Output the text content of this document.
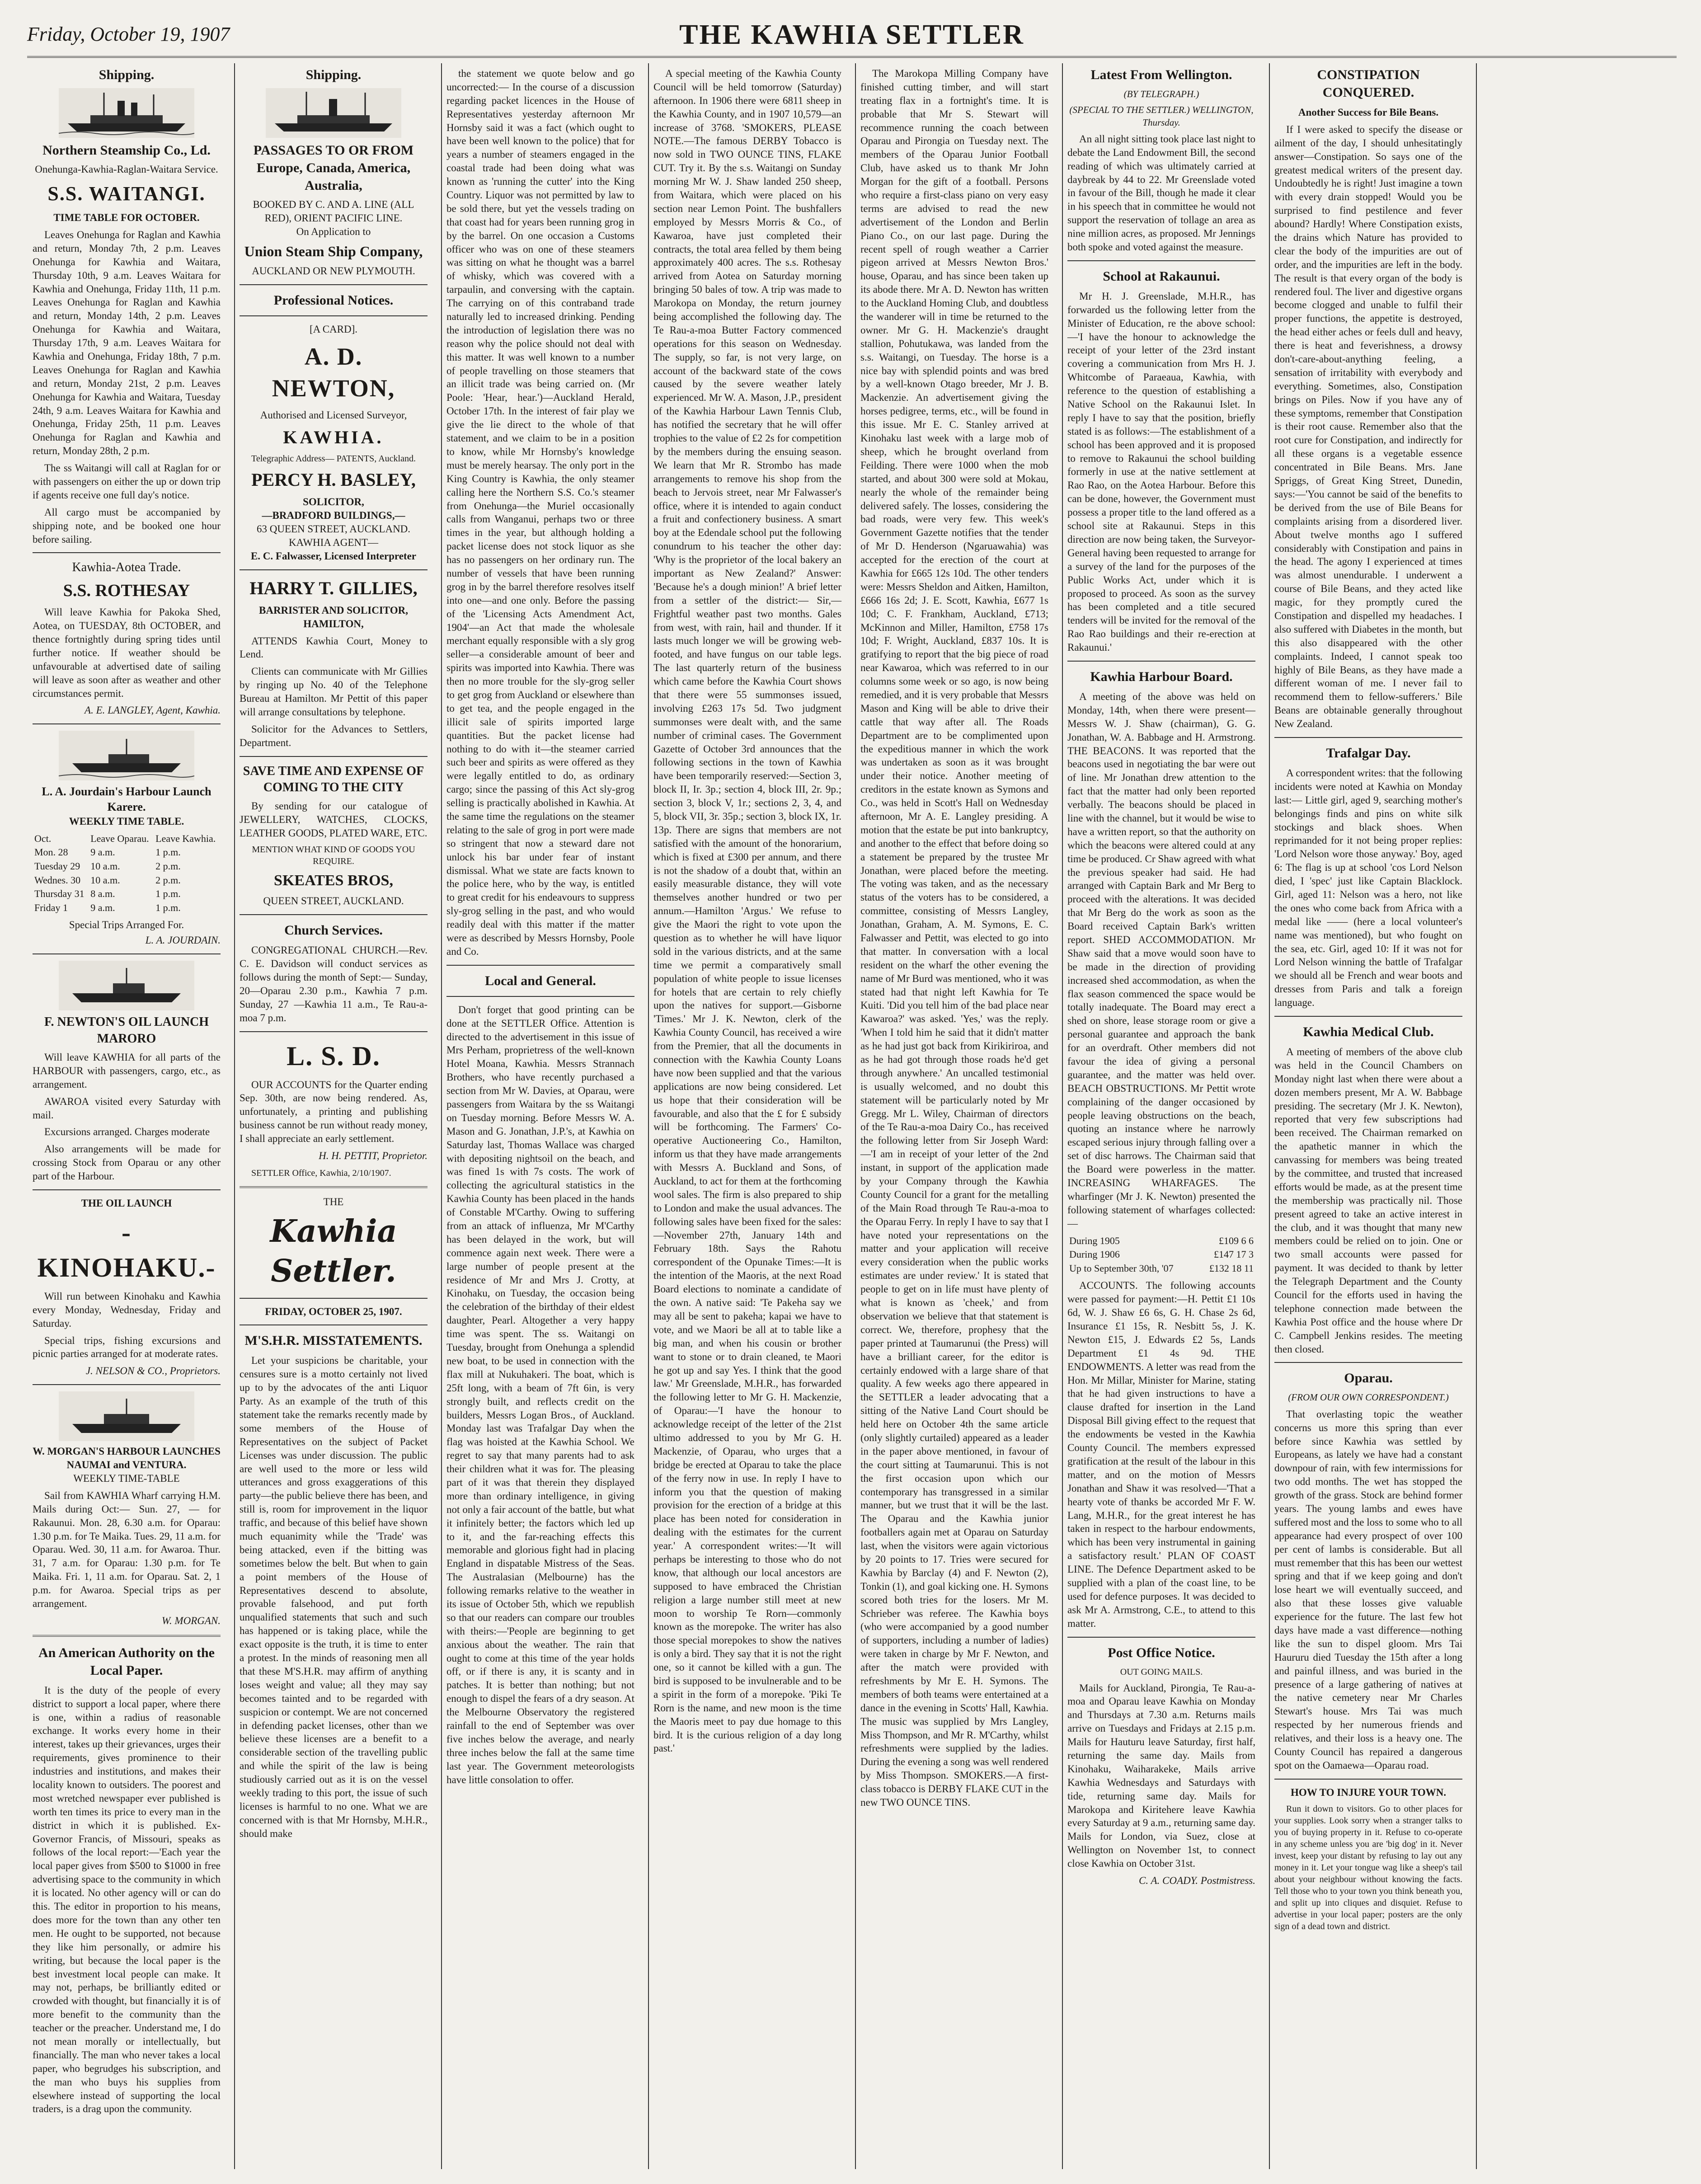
Friday, October 19, 1907	THE KAWHIA SETTLER
Shipping.
Northern Steamship Co., Ld.
Onehunga-Kawhia-Raglan-Waitara Service.
S.S. WAITANGI.
TIME TABLE FOR OCTOBER.
Leaves Onehunga for Raglan and Kawhia and return, Monday 7th, 2 p.m. Leaves Onehunga for Kawhia and Waitara, Thursday 10th, 9 a.m. Leaves Waitara for Kawhia and Onehunga, Friday 11th, 11 p.m. Leaves Onehunga for Raglan and Kawhia and return, Monday 14th, 2 p.m. Leaves Onehunga for Kawhia and Waitara, Thursday 17th, 9 a.m. Leaves Waitara for Kawhia and Onehunga, Friday 18th, 7 p.m. Leaves Onehunga for Raglan and Kawhia and return, Monday 21st, 2 p.m. Leaves Onehunga for Kawhia and Waitara, Tuesday 24th, 9 a.m. Leaves Waitara for Kawhia and Onehunga, Friday 25th, 11 p.m. Leaves Onehunga for Raglan and Kawhia and return, Monday 28th, 2 p.m.
The ss Waitangi will call at Raglan for or with passengers on either the up or down trip if agents receive one full day's notice.
All cargo must be accompanied by shipping note, and be booked one hour before sailing.
Kawhia-Aotea Trade.
S.S. ROTHESAY
Will leave Kawhia for Pakoka Shed, Aotea, on TUESDAY, 8th OCTOBER, and thence fortnightly during spring tides until further notice. If weather should be unfavourable at advertised date of sailing will leave as soon after as weather and other circumstances permit.
A. E. LANGLEY, Agent, Kawhia.
L. A. Jourdain's Harbour Launch Karere.
WEEKLY TIME TABLE.
Oct.	Leave Oparau.	Leave Kawhia.
Mon. 28	9 a.m.	1 p.m.
Tuesday 29	10 a.m.	2 p.m.
Wednes. 30	10 a.m.	2 p.m.
Thursday 31	8 a.m.	1 p.m.
Friday 1	9 a.m.	1 p.m.
Special Trips Arranged For.
L. A. JOURDAIN.
F. NEWTON'S OIL LAUNCH MARORO
Will leave KAWHIA for all parts of the HARBOUR with passengers, cargo, etc., as arrangement.
AWAROA visited every Saturday with mail.
Excursions arranged. Charges moderate
Also arrangements will be made for crossing Stock from Oparau or any other part of the Harbour.
THE OIL LAUNCH
-KINOHAKU.-
Will run between Kinohaku and Kawhia every Monday, Wednesday, Friday and Saturday.
Special trips, fishing excursions and picnic parties arranged for at moderate rates.
J. NELSON & CO., Proprietors.
W. MORGAN'S HARBOUR LAUNCHES NAUMAI and VENTURA.
WEEKLY TIME-TABLE
Sail from KAWHIA Wharf carrying H.M. Mails during Oct:— Sun. 27, — for Rakaunui. Mon. 28, 6.30 a.m. for Oparau: 1.30 p.m. for Te Maika. Tues. 29, 11 a.m. for Oparau. Wed. 30, 11 a.m. for Awaroa. Thur. 31, 7 a.m. for Oparau: 1.30 p.m. for Te Maika. Fri. 1, 11 a.m. for Oparau. Sat. 2, 1 p.m. for Awaroa. Special trips as per arrangement.
W. MORGAN.
An American Authority on the Local Paper.
It is the duty of the people of every district to support a local paper, where there is one, within a radius of reasonable exchange. It works every home in their interest, takes up their grievances, urges their requirements, gives prominence to their industries and institutions, and makes their locality known to outsiders. The poorest and most wretched newspaper ever published is worth ten times its price to every man in the district in which it is published. Ex-Governor Francis, of Missouri, speaks as follows of the local report:—'Each year the local paper gives from $500 to $1000 in free advertising space to the community in which it is located. No other agency will or can do this. The editor in proportion to his means, does more for the town than any other ten men. He ought to be supported, not because they like him personally, or admire his writing, but because the local paper is the best investment local people can make. It may not, perhaps, be brilliantly edited or crowded with thought, but financially it is of more benefit to the community than the teacher or the preacher. Understand me, I do not mean morally or intellectually, but financially. The man who never takes a local paper, who begrudges his subscription, and the man who buys his supplies from elsewhere instead of supporting the local traders, is a drag upon the community.
Shipping.
PASSAGES TO OR FROM Europe, Canada, America, Australia,
BOOKED BY C. AND A. LINE (ALL RED), ORIENT PACIFIC LINE.
On Application to
Union Steam Ship Company,
AUCKLAND OR NEW PLYMOUTH.
Professional Notices.
[A CARD].
A. D. NEWTON,
Authorised and Licensed Surveyor,
KAWHIA.
Telegraphic Address— PATENTS, Auckland.
PERCY H. BASLEY,
SOLICITOR,
—BRADFORD BUILDINGS,—
63 QUEEN STREET, AUCKLAND.
KAWHIA AGENT—
E. C. Falwasser, Licensed Interpreter
HARRY T. GILLIES,
BARRISTER AND SOLICITOR,
HAMILTON,
ATTENDS Kawhia Court, Money to Lend.
Clients can communicate with Mr Gillies by ringing up No. 40 of the Telephone Bureau at Hamilton. Mr Pettit of this paper will arrange consultations by telephone.
Solicitor for the Advances to Settlers, Department.
SAVE TIME AND EXPENSE OF COMING TO THE CITY
By sending for our catalogue of JEWELLERY, WATCHES, CLOCKS, LEATHER GOODS, PLATED WARE, ETC.
MENTION WHAT KIND OF GOODS YOU REQUIRE.
SKEATES BROS,
QUEEN STREET, AUCKLAND.
Church Services.
CONGREGATIONAL CHURCH.—Rev. C. E. Davidson will conduct services as follows during the month of Sept:— Sunday, 20—Oparau 2.30 p.m., Kawhia 7 p.m. Sunday, 27 —Kawhia 11 a.m., Te Rau-a-moa 7 p.m.
L. S. D.
OUR ACCOUNTS for the Quarter ending Sep. 30th, are now being rendered. As, unfortunately, a printing and publishing business cannot be run without ready money, I shall appreciate an early settlement.
H. H. PETTIT, Proprietor.
SETTLER Office, Kawhia, 2/10/1907.
THE
Kawhia Settler.
FRIDAY, OCTOBER 25, 1907.
M'S.H.R. MISSTATEMENTS.
Let your suspicions be charitable, your censures sure is a motto certainly not lived up to by the advocates of the anti Liquor Party. As an example of the truth of this statement take the remarks recently made by some members of the House of Representatives on the subject of Packet Licenses was under discussion. The public are well used to the more or less wild utterances and gross exaggerations of this party—the public believe there has been, and still is, room for improvement in the liquor traffic, and because of this belief have shown much equanimity while the 'Trade' was being attacked, even if the bitting was sometimes below the belt. But when to gain a point members of the House of Representatives descend to absolute, provable falsehood, and put forth unqualified statements that such and such has happened or is taking place, while the exact opposite is the truth, it is time to enter a protest. In the minds of reasoning men all that these M'S.H.R. may affirm of anything loses weight and value; all they may say becomes tainted and to be regarded with suspicion or contempt. We are not concerned in defending packet licenses, other than we believe these licenses are a benefit to a considerable section of the travelling public and while the spirit of the law is being studiously carried out as it is on the vessel weekly trading to this port, the issue of such licenses is harmful to no one. What we are concerned with is that Mr Hornsby, M.H.R., should make
the statement we quote below and go uncorrected:— In the course of a discussion regarding packet licences in the House of Representatives yesterday afternoon Mr Hornsby said it was a fact (which ought to have been well known to the police) that for years a number of steamers engaged in the coastal trade had been doing what was known as 'running the cutter' into the King Country. Liquor was not permitted by law to be sold there, but yet the vessels trading on that coast had for years been running grog in by the barrel. On one occasion a Customs officer who was on one of these steamers was sitting on what he thought was a barrel of whisky, which was covered with a tarpaulin, and conversing with the captain. The carrying on of this contraband trade naturally led to increased drinking. Pending the introduction of legislation there was no reason why the police should not deal with this matter. It was well known to a number of people travelling on those steamers that an illicit trade was being carried on. (Mr Poole: 'Hear, hear.')—Auckland Herald, October 17th. In the interest of fair play we give the lie direct to the whole of that statement, and we claim to be in a position to know, while Mr Hornsby's knowledge must be merely hearsay. The only port in the King Country is Kawhia, the only steamer calling here the Northern S.S. Co.'s steamer from Onehunga—the Muriel occasionally calls from Wanganui, perhaps two or three times in the year, but although holding a packet license does not stock liquor as she has no passengers on her ordinary run. The number of vessels that have been running grog in by the barrel therefore resolves itself into one—and one only. Before the passing of the 'Licensing Acts Amendment Act, 1904'—an Act that made the wholesale merchant equally responsible with a sly grog seller—a considerable amount of beer and spirits was imported into Kawhia. There was then no more trouble for the sly-grog seller to get grog from Auckland or elsewhere than to get tea, and the people engaged in the illicit sale of spirits imported large quantities. But the packet license had nothing to do with it—the steamer carried such beer and spirits as were offered as they were legally entitled to do, as ordinary cargo; since the passing of this Act sly-grog selling is practically abolished in Kawhia. At the same time the regulations on the steamer relating to the sale of grog in port were made so stringent that now a steward dare not unlock his bar under fear of instant dismissal. What we state are facts known to the police here, who by the way, is entitled to great credit for his endeavours to suppress sly-grog selling in the past, and who would readily deal with this matter if the matter were as described by Messrs Hornsby, Poole and Co.
Local and General.
Don't forget that good printing can be done at the SETTLER Office. Attention is directed to the advertisement in this issue of Mrs Perham, proprietress of the well-known Hotel Moana, Kawhia. Messrs Strannach Brothers, who have recently purchased a section from Mr W. Davies, at Oparau, were passengers from Waitara by the ss Waitangi on Tuesday morning. Before Messrs W. A. Mason and G. Jonathan, J.P.'s, at Kawhia on Saturday last, Thomas Wallace was charged with depositing nightsoil on the beach, and was fined 1s with 7s costs. The work of collecting the agricultural statistics in the Kawhia County has been placed in the hands of Constable M'Carthy. Owing to suffering from an attack of influenza, Mr M'Carthy has been delayed in the work, but will commence again next week. There were a large number of people present at the residence of Mr and Mrs J. Crotty, at Kinohaku, on Tuesday, the occasion being the celebration of the birthday of their eldest daughter, Pearl. Altogether a very happy time was spent. The ss. Waitangi on Tuesday, brought from Onehunga a splendid new boat, to be used in connection with the flax mill at Nukuhakeri. The boat, which is 25ft long, with a beam of 7ft 6in, is very strongly built, and reflects credit on the builders, Messrs Logan Bros., of Auckland. Monday last was Trafalgar Day when the flag was hoisted at the Kawhia School. We regret to say that many parents had to ask their children what it was for. The pleasing part of it was that therein they displayed more than ordinary intelligence, in giving not only a fair account of the battle, but what it infinitely better; the factors which led up to it, and the far-reaching effects this memorable and glorious fight had in placing England in dispatable Mistress of the Seas. The Australasian (Melbourne) has the following remarks relative to the weather in its issue of October 5th, which we republish so that our readers can compare our troubles with theirs:—'People are beginning to get anxious about the weather. The rain that ought to come at this time of the year holds off, or if there is any, it is scanty and in patches. It is better than nothing; but not enough to dispel the fears of a dry season. At the Melbourne Observatory the registered rainfall to the end of September was over five inches below the average, and nearly three inches below the fall at the same time last year. The Government meteorologists have little consolation to offer.
A special meeting of the Kawhia County Council will be held tomorrow (Saturday) afternoon. In 1906 there were 6811 sheep in the Kawhia County, and in 1907 10,579—an increase of 3768. 'SMOKERS, PLEASE NOTE.—The famous DERBY Tobacco is now sold in TWO OUNCE TINS, FLAKE CUT. Try it. By the s.s. Waitangi on Sunday morning Mr W. J. Shaw landed 250 sheep, from Waitara, which were placed on his section near Lemon Point. The bushfallers employed by Messrs Morris & Co., of Kawaroa, have just completed their contracts, the total area felled by them being approximately 400 acres. The s.s. Rothesay arrived from Aotea on Saturday morning bringing 50 bales of tow. A trip was made to Marokopa on Monday, the return journey being accomplished the following day. The Te Rau-a-moa Butter Factory commenced operations for this season on Wednesday. The supply, so far, is not very large, on account of the backward state of the cows caused by the severe weather lately experienced. Mr W. A. Mason, J.P., president of the Kawhia Harbour Lawn Tennis Club, has notified the secretary that he will offer trophies to the value of £2 2s for competition by the members during the ensuing season. We learn that Mr R. Strombo has made arrangements to remove his shop from the beach to Jervois street, near Mr Falwasser's office, where it is intended to again conduct a fruit and confectionery business. A smart boy at the Edendale school put the following conundrum to his teacher the other day: 'Why is the proprietor of the local bakery an important as New Zealand?' Answer: 'Because he's a dough minion!' A brief letter from a settler of the district:— Sir,—Frightful weather past two months. Gales from west, with rain, hail and thunder. If it lasts much longer we will be growing web-footed, and have fungus on our table legs. The last quarterly return of the business which came before the Kawhia Court shows that there were 55 summonses issued, involving £263 17s 5d. Two judgment summonses were dealt with, and the same number of criminal cases. The Government Gazette of October 3rd announces that the following sections in the town of Kawhia have been temporarily reserved:—Section 3, block II, Ir. 3p.; section 4, block III, 2r. 9p.; section 3, block V, 1r.; sections 2, 3, 4, and 5, block VII, 3r. 35p.; section 3, block IX, 1r. 13p. There are signs that members are not satisfied with the amount of the honorarium, which is fixed at £300 per annum, and there is not the shadow of a doubt that, within an easily measurable distance, they will vote themselves another hundred or two per annum.—Hamilton 'Argus.' We refuse to give the Maori the right to vote upon the question as to whether he will have liquor sold in the various districts, and at the same time we permit a comparatively small population of white people to issue licenses for hotels that are certain to rely chiefly upon the natives for support.—Gisborne 'Times.' Mr J. K. Newton, clerk of the Kawhia County Council, has received a wire from the Premier, that all the documents in connection with the Kawhia County Loans have now been supplied and that the various applications are now being considered. Let us hope that their consideration will be favourable, and also that the £ for £ subsidy will be forthcoming. The Farmers' Co-operative Auctioneering Co., Hamilton, inform us that they have made arrangements with Messrs A. Buckland and Sons, of Auckland, to act for them at the forthcoming wool sales. The firm is also prepared to ship to London and make the usual advances. The following sales have been fixed for the sales:—November 27th, January 14th and February 18th. Says the Rahotu correspondent of the Opunake Times:—It is the intention of the Maoris, at the next Road Board elections to nominate a candidate of the own. A native said: 'Te Pakeha say we may all be sent to pakeha; kapai we have to vote, and we Maori be all at to table like a big man, and when his cousin or brother want to stone or to drain cleaned, te Maori he got up and say Yes. I think that the good law.' Mr Greenslade, M.H.R., has forwarded the following letter to Mr G. H. Mackenzie, of Oparau:—'I have the honour to acknowledge receipt of the letter of the 21st ultimo addressed to you by Mr G. H. Mackenzie, of Oparau, who urges that a bridge be erected at Oparau to take the place of the ferry now in use. In reply I have to inform you that the question of making provision for the erection of a bridge at this place has been noted for consideration in dealing with the estimates for the current year.' A correspondent writes:—'It will perhaps be interesting to those who do not know, that although our local ancestors are supposed to have embraced the Christian religion a large number still meet at new moon to worship Te Rorn—commonly known as the morepoke. The writer has also those special morepokes to show the natives is only a bird. They say that it is not the right one, so it cannot be killed with a gun. The bird is supposed to be invulnerable and to be a spirit in the form of a morepoke. 'Piki Te Rorn is the name, and new moon is the time the Maoris meet to pay due homage to this bird. It is the curious religion of a day long past.'
The Marokopa Milling Company have finished cutting timber, and will start treating flax in a fortnight's time. It is probable that Mr S. Stewart will recommence running the coach between Oparau and Pirongia on Tuesday next. The members of the Oparau Junior Football Club, have asked us to thank Mr John Morgan for the gift of a football. Persons who require a first-class piano on very easy terms are advised to read the new advertisement of the London and Berlin Piano Co., on our last page. During the recent spell of rough weather a Carrier pigeon arrived at Messrs Newton Bros.' house, Oparau, and has since been taken up its abode there. Mr A. D. Newton has written to the Auckland Homing Club, and doubtless the wanderer will in time be returned to the owner. Mr G. H. Mackenzie's draught stallion, Pohutukawa, was landed from the s.s. Waitangi, on Tuesday. The horse is a nice bay with splendid points and was bred by a well-known Otago breeder, Mr J. B. Mackenzie. An advertisement giving the horses pedigree, terms, etc., will be found in this issue. Mr E. C. Stanley arrived at Kinohaku last week with a large mob of sheep, which he brought overland from Feilding. There were 1000 when the mob started, and about 300 were sold at Mokau, nearly the whole of the remainder being delivered safely. The losses, considering the bad roads, were very few. This week's Government Gazette notifies that the tender of Mr D. Henderson (Ngaruawahia) was accepted for the erection of the court at Kawhia for £665 12s 10d. The other tenders were: Messrs Sheldon and Aitken, Hamilton, £666 16s 2d; J. E. Scott, Kawhia, £677 1s 10d; C. F. Frankham, Auckland, £713; McKinnon and Miller, Hamilton, £758 17s 10d; F. Wright, Auckland, £837 10s. It is gratifying to report that the big piece of road near Kawaroa, which was referred to in our columns some week or so ago, is now being remedied, and it is very probable that Messrs Mason and King will be able to drive their cattle that way after all. The Roads Department are to be complimented upon the expeditious manner in which the work was undertaken as soon as it was brought under their notice. Another meeting of creditors in the estate known as Symons and Co., was held in Scott's Hall on Wednesday afternoon, Mr A. E. Langley presiding. A motion that the estate be put into bankruptcy, and another to the effect that before doing so a statement be prepared by the trustee Mr Jonathan, were placed before the meeting. The voting was taken, and as the necessary status of the voters has to be considered, a committee, consisting of Messrs Langley, Jonathan, Graham, A. M. Symons, E. C. Falwasser and Pettit, was elected to go into that matter. In conversation with a local resident on the wharf the other evening the name of Mr Burd was mentioned, who it was stated had that night left Kawhia for Te Kuiti. 'Did you tell him of the bad place near Kawaroa?' was asked. 'Yes,' was the reply. 'When I told him he said that it didn't matter as he had just got back from Kirikiriroa, and as he had got through those roads he'd get through anywhere.' An uncalled testimonial is usually welcomed, and no doubt this statement will be particularly noted by Mr Gregg. Mr L. Wiley, Chairman of directors of the Te Rau-a-moa Dairy Co., has received the following letter from Sir Joseph Ward:—'I am in receipt of your letter of the 2nd instant, in support of the application made by your Company through the Kawhia County Council for a grant for the metalling of the Main Road through Te Rau-a-moa to the Oparau Ferry. In reply I have to say that I have noted your representations on the matter and your application will receive every consideration when the public works estimates are under review.' It is stated that people to get on in life must have plenty of what is known as 'cheek,' and from observation we believe that that statement is correct. We, therefore, prophesy that the paper printed at Taumarunui (the Press) will have a brilliant career, for the editor is certainly endowed with a large share of that quality. A few weeks ago there appeared in the SETTLER a leader advocating that a sitting of the Native Land Court should be held here on October 4th the same article (only slightly curtailed) appeared as a leader in the paper above mentioned, in favour of the court sitting at Taumarunui. This is not the first occasion upon which our contemporary has transgressed in a similar manner, but we trust that it will be the last. The Oparau and the Kawhia junior footballers again met at Oparau on Saturday last, when the visitors were again victorious by 20 points to 17. Tries were secured for Kawhia by Barclay (4) and F. Newton (2), Tonkin (1), and goal kicking one. H. Symons scored both tries for the losers. Mr M. Schrieber was referee. The Kawhia boys (who were accompanied by a good number of supporters, including a number of ladies) were taken in charge by Mr F. Newton, and after the match were provided with refreshments by Mr E. H. Symons. The members of both teams were entertained at a dance in the evening in Scotts' Hall, Kawhia. The music was supplied by Mrs Langley, Miss Thompson, and Mr R. M'Carthy, whilst refreshments were supplied by the ladies. During the evening a song was well rendered by Miss Thompson. SMOKERS.—A first-class tobacco is DERBY FLAKE CUT in the new TWO OUNCE TINS.
Latest From Wellington.
(BY TELEGRAPH.)
(SPECIAL TO THE SETTLER.) WELLINGTON, Thursday.
An all night sitting took place last night to debate the Land Endowment Bill, the second reading of which was ultimately carried at daybreak by 44 to 22. Mr Greenslade voted in favour of the Bill, though he made it clear in his speech that in committee he would not support the reservation of tollage an area as nine million acres, as proposed. Mr Jennings both spoke and voted against the measure.
School at Rakaunui.
Mr H. J. Greenslade, M.H.R., has forwarded us the following letter from the Minister of Education, re the above school:—'I have the honour to acknowledge the receipt of your letter of the 23rd instant covering a communication from Mrs H. J. Whitcombe of Paraeaua, Kawhia, with reference to the question of establishing a Native School on the Rakaunui Islet. In reply I have to say that the position, briefly stated is as follows:—The establishment of a school has been approved and it is proposed to remove to Rakaunui the school building formerly in use at the native settlement at Rao Rao, on the Aotea Harbour. Before this can be done, however, the Government must possess a proper title to the land offered as a school site at Rakaunui. Steps in this direction are now being taken, the Surveyor-General having been requested to arrange for a survey of the land for the purposes of the Public Works Act, under which it is proposed to proceed. As soon as the survey has been completed and a title secured tenders will be invited for the removal of the Rao Rao buildings and their re-erection at Rakaunui.'
Kawhia Harbour Board.
A meeting of the above was held on Monday, 14th, when there were present—Messrs W. J. Shaw (chairman), G. G. Jonathan, W. A. Babbage and H. Armstrong. THE BEACONS. It was reported that the beacons used in negotiating the bar were out of line. Mr Jonathan drew attention to the fact that the matter had only been reported verbally. The beacons should be placed in line with the channel, but it would be wise to have a written report, so that the authority on which the beacons were altered could at any time be produced. Cr Shaw agreed with what the previous speaker had said. He had arranged with Captain Bark and Mr Berg to proceed with the alterations. It was decided that Mr Berg do the work as soon as the Board received Captain Bark's written report. SHED ACCOMMODATION. Mr Shaw said that a move would soon have to be made in the direction of providing increased shed accommodation, as when the flax season commenced the space would be totally inadequate. The Board may erect a shed on shore, lease storage room or give a personal guarantee and approach the bank for an overdraft. Other members did not favour the idea of giving a personal guarantee, and the matter was held over. BEACH OBSTRUCTIONS. Mr Pettit wrote complaining of the danger occasioned by people leaving obstructions on the beach, quoting an instance where he narrowly escaped serious injury through falling over a set of disc harrows. The Chairman said that the Board were powerless in the matter. INCREASING WHARFAGES. The wharfinger (Mr J. K. Newton) presented the following statement of wharfages collected:—
During 1905	£109 6 6
During 1906	£147 17 3
Up to September 30th, '07	£132 18 11
ACCOUNTS. The following accounts were passed for payment:—H. Pettit £1 10s 6d, W. J. Shaw £6 6s, G. H. Chase 2s 6d, Insurance £1 15s, R. Nesbitt 5s, J. K. Newton £15, J. Edwards £2 5s, Lands Department £1 4s 9d. THE ENDOWMENTS. A letter was read from the Hon. Mr Millar, Minister for Marine, stating that he had given instructions to have a clause drafted for insertion in the Land Disposal Bill giving effect to the request that the endowments be vested in the Kawhia County Council. The members expressed gratification at the result of the labour in this matter, and on the motion of Messrs Jonathan and Shaw it was resolved—'That a hearty vote of thanks be accorded Mr F. W. Lang, M.H.R., for the great interest he has taken in respect to the harbour endowments, which has been very instrumental in gaining a satisfactory result.' PLAN OF COAST LINE. The Defence Department asked to be supplied with a plan of the coast line, to be used for defence purposes. It was decided to ask Mr A. Armstrong, C.E., to attend to this matter.
Post Office Notice.
OUT GOING MAILS.
Mails for Auckland, Pirongia, Te Rau-a-moa and Oparau leave Kawhia on Monday and Thursdays at 7.30 a.m. Returns mails arrive on Tuesdays and Fridays at 2.15 p.m. Mails for Hauturu leave Saturday, first half, returning the same day. Mails from Kinohaku, Waiharakeke, Mails arrive Kawhia Wednesdays and Saturdays with tide, returning same day. Mails for Marokopa and Kiritehere leave Kawhia every Saturday at 9 a.m., returning same day. Mails for London, via Suez, close at Wellington on November 1st, to connect close Kawhia on October 31st.
C. A. COADY. Postmistress.
CONSTIPATION CONQUERED.
Another Success for Bile Beans.
If I were asked to specify the disease or ailment of the day, I should unhesitatingly answer—Constipation. So says one of the greatest medical writers of the present day. Undoubtedly he is right! Just imagine a town with every drain stopped! Would you be surprised to find pestilence and fever abound? Hardly! Where Constipation exists, the drains which Nature has provided to clear the body of the impurities are out of order, and the impurities are left in the body. The result is that every organ of the body is rendered foul. The liver and digestive organs become clogged and unable to fulfil their proper functions, the appetite is destroyed, the head either aches or feels dull and heavy, there is heat and feverishness, a drowsy don't-care-about-anything feeling, a sensation of irritability with everybody and everything. Sometimes, also, Constipation brings on Piles. Now if you have any of these symptoms, remember that Constipation is their root cause. Remember also that the root cure for Constipation, and indirectly for all these organs is a vegetable essence concentrated in Bile Beans. Mrs. Jane Spriggs, of Great King Street, Dunedin, says:—'You cannot be said of the benefits to be derived from the use of Bile Beans for complaints arising from a disordered liver. About twelve months ago I suffered considerably with Constipation and pains in the head. The agony I experienced at times was almost unendurable. I underwent a course of Bile Beans, and they acted like magic, for they promptly cured the Constipation and dispelled my headaches. I also suffered with Diabetes in the month, but this also disappeared with the other complaints. Indeed, I cannot speak too highly of Bile Beans, as they have made a different woman of me. I never fail to recommend them to fellow-sufferers.' Bile Beans are obtainable generally throughout New Zealand.
Trafalgar Day.
A correspondent writes: that the following incidents were noted at Kawhia on Monday last:— Little girl, aged 9, searching mother's belongings finds and pins on white silk stockings and black shoes. When reprimanded for it not being proper replies: 'Lord Nelson wore those anyway.' Boy, aged 6: The flag is up at school 'cos Lord Nelson died, I 'spec' just like Captain Blacklock. Girl, aged 11: Nelson was a hero, not like the ones who come back from Africa with a medal like —— (here a local volunteer's name was mentioned), but who fought on the sea, etc. Girl, aged 10: If it was not for Lord Nelson winning the battle of Trafalgar we should all be French and wear boots and dresses from Paris and talk a foreign language.
Kawhia Medical Club.
A meeting of members of the above club was held in the Council Chambers on Monday night last when there were about a dozen members present, Mr A. W. Babbage presiding. The secretary (Mr J. K. Newton), reported that very few subscriptions had been received. The Chairman remarked on the apathetic manner in which the canvassing for members was being treated by the committee, and trusted that increased efforts would be made, as at the present time the membership was practically nil. Those present agreed to take an active interest in the club, and it was thought that many new members could be relied on to join. One or two small accounts were passed for payment. It was decided to thank by letter the Telegraph Department and the County Council for the efforts used in having the telephone connection made between the Kawhia Post office and the house where Dr C. Campbell Jenkins resides. The meeting then closed.
Oparau.
(FROM OUR OWN CORRESPONDENT.)
That overlasting topic the weather concerns us more this spring than ever before since Kawhia was settled by Europeans, as lately we have had a constant downpour of rain, with few intermissions for two odd months. The wet has stopped the growth of the grass. Stock are behind former years. The young lambs and ewes have suffered most and the loss to some who to all appearance had every prospect of over 100 per cent of lambs is considerable. But all must remember that this has been our wettest spring and that if we keep going and don't lose heart we will eventually succeed, and also that these losses give valuable experience for the future. The last few hot days have made a vast difference—nothing like the sun to dispel gloom. Mrs Tai Haururu died Tuesday the 15th after a long and painful illness, and was buried in the presence of a large gathering of natives at the native cemetery near Mr Charles Stewart's house. Mrs Tai was much respected by her numerous friends and relatives, and their loss is a heavy one. The County Council has repaired a dangerous spot on the Oamaewa—Oparau road.
HOW TO INJURE YOUR TOWN.
Run it down to visitors. Go to other places for your supplies. Look sorry when a stranger talks to you of buying property in it. Refuse to co-operate in any scheme unless you are 'big dog' in it. Never invest, keep your distant by refusing to lay out any money in it. Let your tongue wag like a sheep's tail about your neighbour without knowing the facts. Tell those who to your town you think beneath you, and split up into cliques and disquiet. Refuse to advertise in your local paper; posters are the only sign of a dead town and district.
